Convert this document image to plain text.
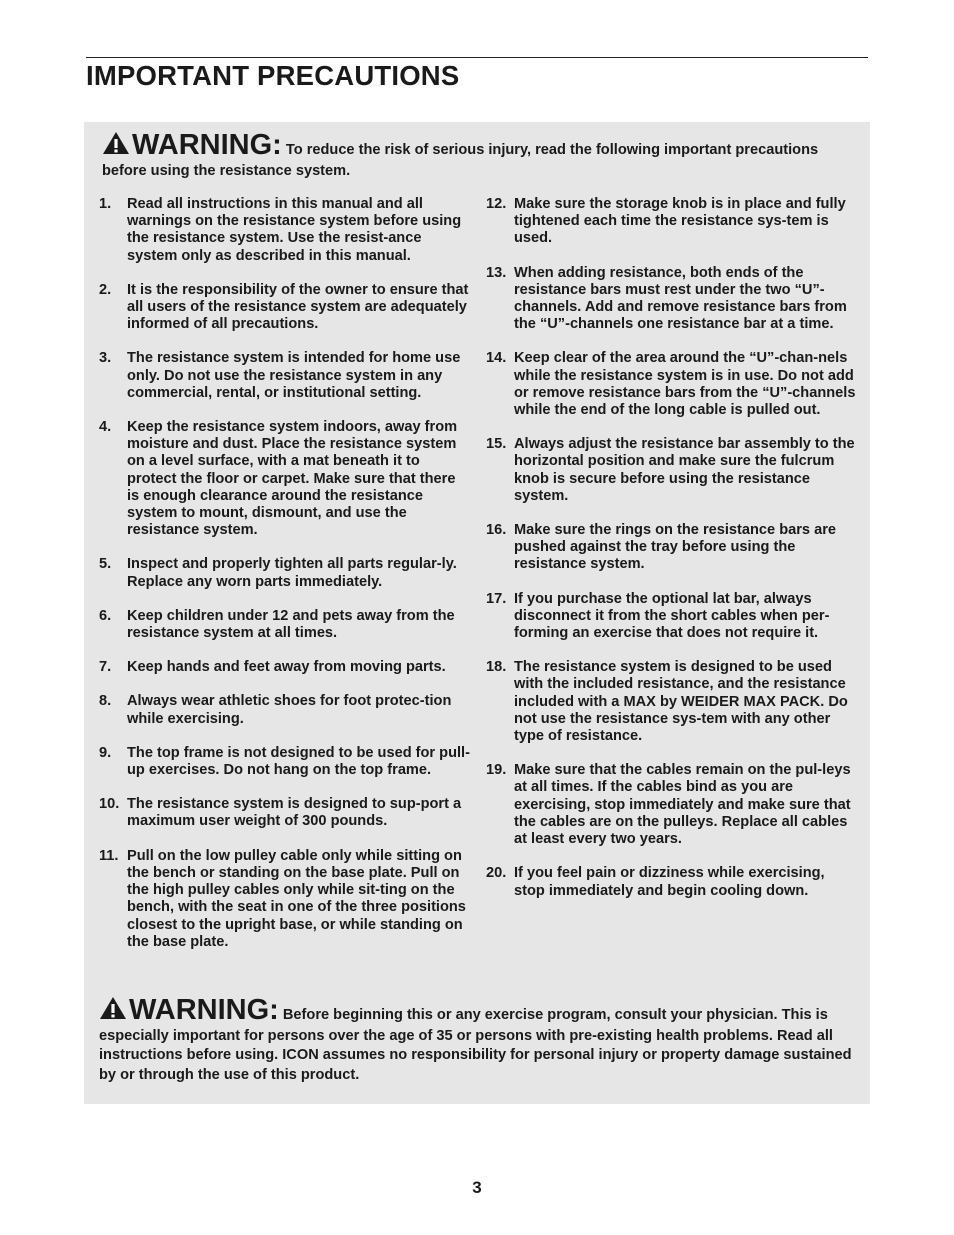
IMPORTANT PRECAUTIONS
WARNING: To reduce the risk of serious injury, read the following important precautions before using the resistance system.
1. Read all instructions in this manual and all warnings on the resistance system before using the resistance system. Use the resist-ance system only as described in this manual.
2. It is the responsibility of the owner to ensure that all users of the resistance system are adequately informed of all precautions.
3. The resistance system is intended for home use only. Do not use the resistance system in any commercial, rental, or institutional setting.
4. Keep the resistance system indoors, away from moisture and dust. Place the resistance system on a level surface, with a mat beneath it to protect the floor or carpet. Make sure that there is enough clearance around the resistance system to mount, dismount, and use the resistance system.
5. Inspect and properly tighten all parts regular-ly. Replace any worn parts immediately.
6. Keep children under 12 and pets away from the resistance system at all times.
7. Keep hands and feet away from moving parts.
8. Always wear athletic shoes for foot protec-tion while exercising.
9. The top frame is not designed to be used for pull-up exercises. Do not hang on the top frame.
10. The resistance system is designed to sup-port a maximum user weight of 300 pounds.
11. Pull on the low pulley cable only while sitting on the bench or standing on the base plate. Pull on the high pulley cables only while sit-ting on the bench, with the seat in one of the three positions closest to the upright base, or while standing on the base plate.
12. Make sure the storage knob is in place and fully tightened each time the resistance sys-tem is used.
13. When adding resistance, both ends of the resistance bars must rest under the two “U”-channels. Add and remove resistance bars from the “U”-channels one resistance bar at a time.
14. Keep clear of the area around the “U”-chan-nels while the resistance system is in use. Do not add or remove resistance bars from the “U”-channels while the end of the long cable is pulled out.
15. Always adjust the resistance bar assembly to the horizontal position and make sure the fulcrum knob is secure before using the resistance system.
16. Make sure the rings on the resistance bars are pushed against the tray before using the resistance system.
17. If you purchase the optional lat bar, always disconnect it from the short cables when per-forming an exercise that does not require it.
18. The resistance system is designed to be used with the included resistance, and the resistance included with a MAX by WEIDER MAX PACK. Do not use the resistance sys-tem with any other type of resistance.
19. Make sure that the cables remain on the pul-leys at all times. If the cables bind as you are exercising, stop immediately and make sure that the cables are on the pulleys. Replace all cables at least every two years.
20. If you feel pain or dizziness while exercising, stop immediately and begin cooling down.
WARNING: Before beginning this or any exercise program, consult your physician. This is especially important for persons over the age of 35 or persons with pre-existing health problems. Read all instructions before using. ICON assumes no responsibility for personal injury or property damage sustained by or through the use of this product.
3
